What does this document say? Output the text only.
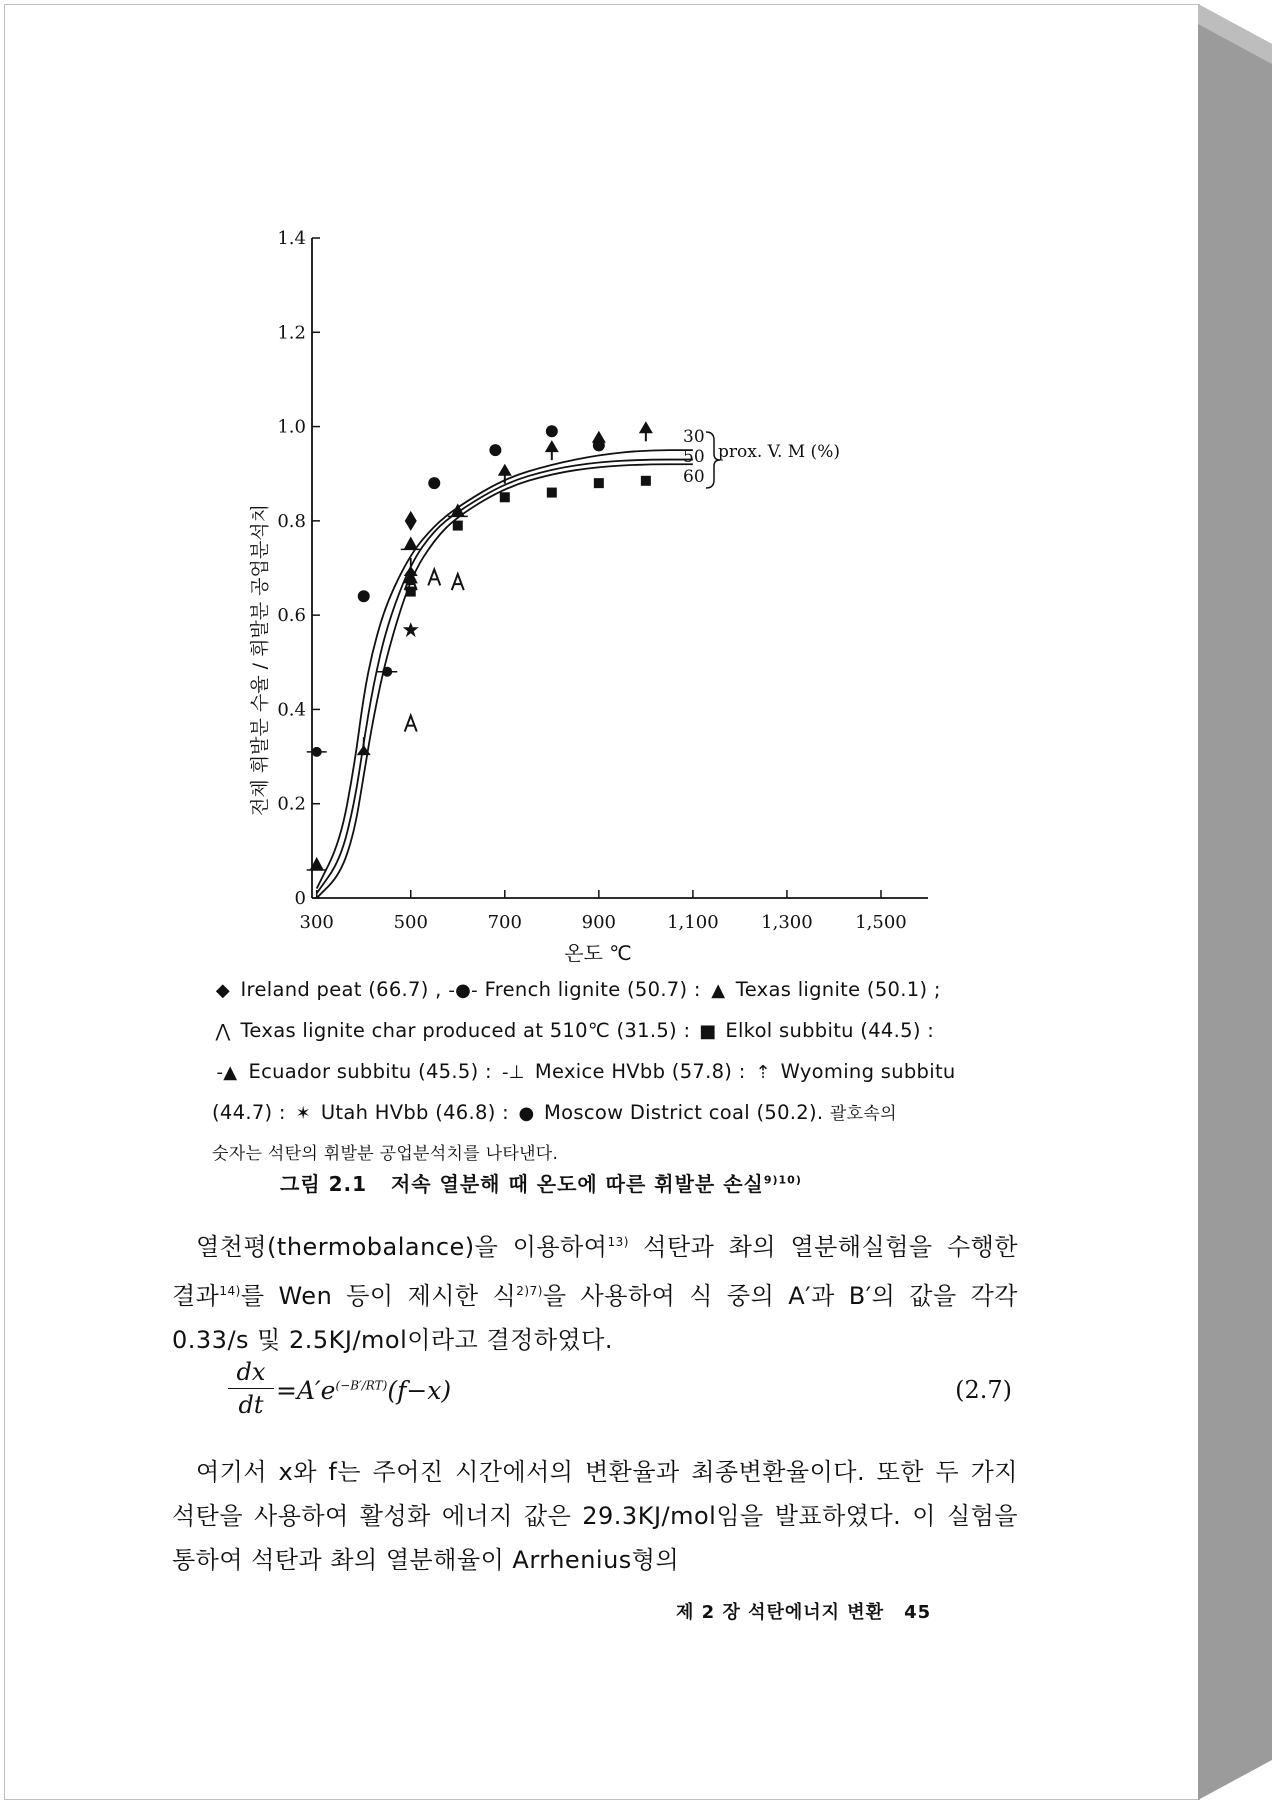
300	500	700	900	1,100 1,300 1,500
0
0.2
0.4
0.6
0.8
1.0
1.2
1.4
전체 휘발분 수율 / 휘발분 공업분석치
온도 ℃
30
50
60
prox. V. M (%)
◆ Ireland peat (66.7) , -●- French lignite (50.7) : ▲ Texas lignite (50.1) ;
⋀ Texas lignite char produced at 510℃ (31.5) : ■ Elkol subbitu (44.5) :
-▲ Ecuador subbitu (45.5) : -⊥ Mexice HVbb (57.8) : ⇡ Wyoming subbitu
(44.7) : ✶ Utah HVbb (46.8) : ● Moscow District coal (50.2). 괄호속의
숫자는 석탄의 휘발분 공업분석치를 나타낸다.
그림 2.1 저속 열분해 때 온도에 따른 휘발분 손실$^{9)10)}$
열천평(thermobalance)을 이용하여$^{13)}$ 석탄과 촤의 열분해실험을 수행한 결과$^{14)}$를 Wen 등이 제시한 식$^{2)7)}$을 사용하여 식 중의 A′과 B′의 값을 각각 0.33/s 및 2.5KJ/mol이라고 결정하였다.
$\frac{dx}{dt} =A'e^{(-B'/RT)}(f-x)$	(2.7)
여기서 x와 f는 주어진 시간에서의 변환율과 최종변환율이다. 또한 두 가지 석탄을 사용하여 활성화 에너지 값은 29.3KJ/mol임을 발표하였다. 이 실험을 통하여 석탄과 촤의 열분해율이 Arrhenius형의
제 2 장 석탄에너지 변환 45
